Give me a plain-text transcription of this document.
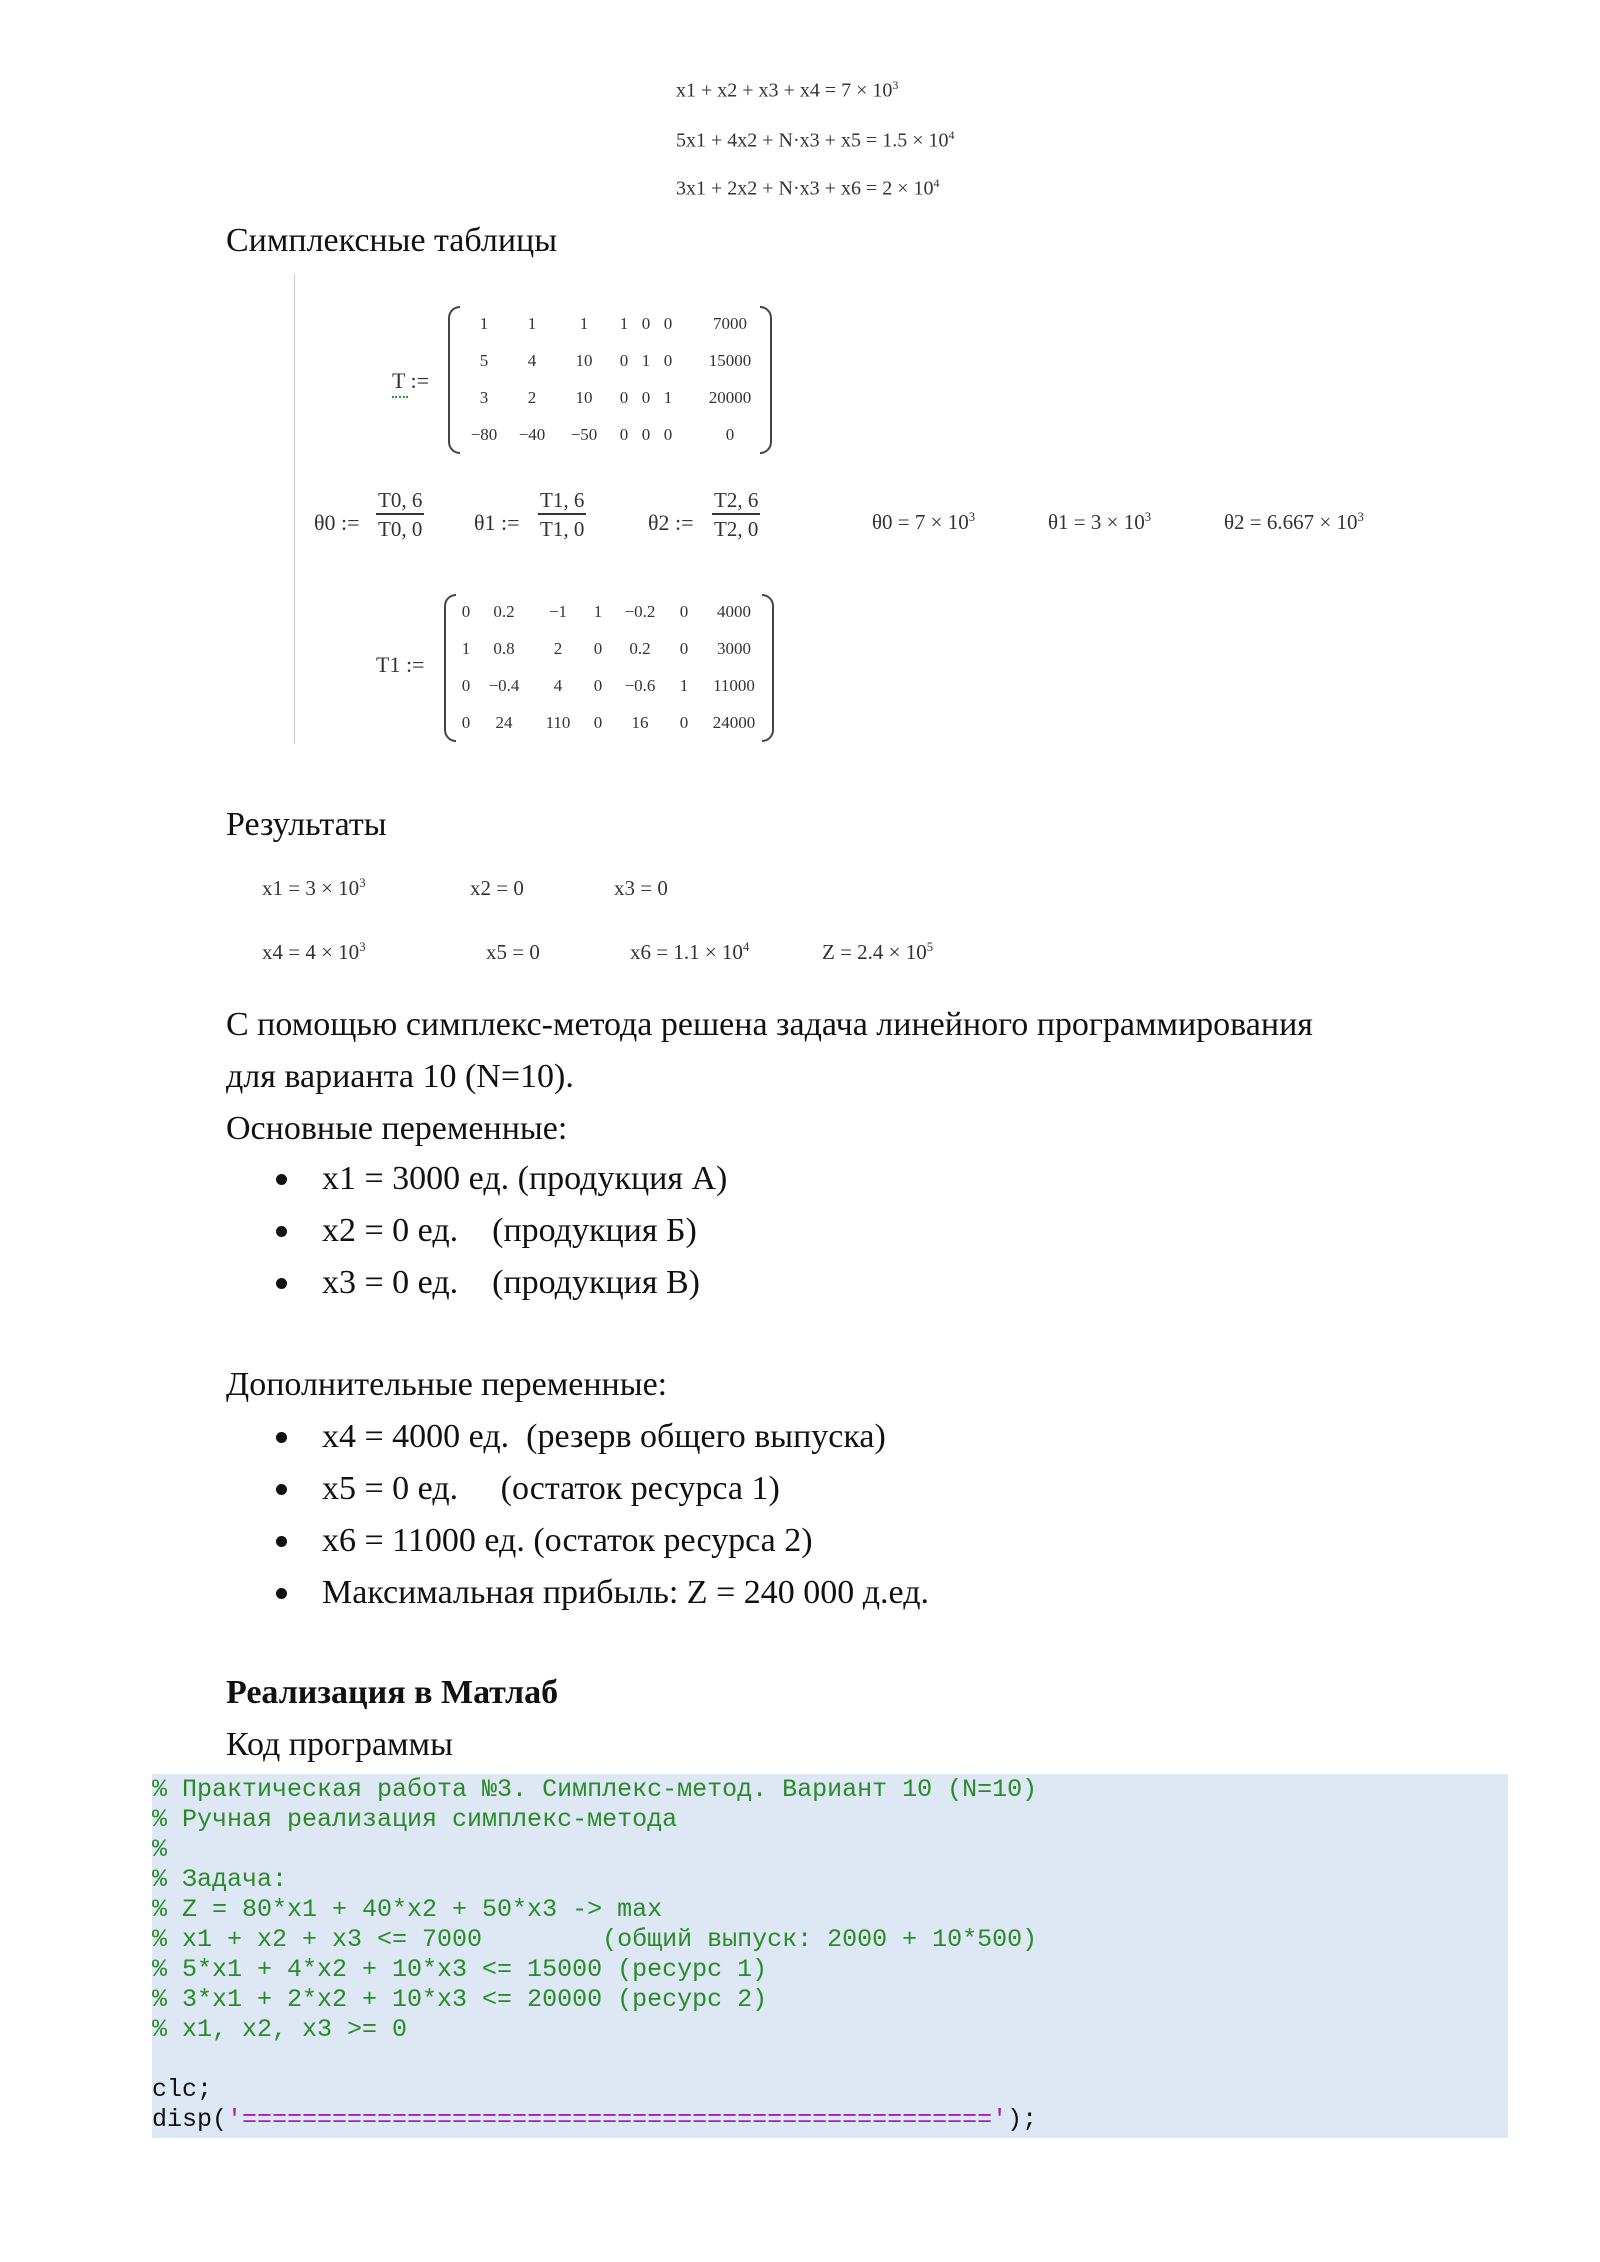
$x1 + x2 + x3 + x4 = 7 \times 10^3$
$5x1 + 4x2 + N\cdot x3 + x5 = 1.5 \times 10^4$
$3x1 + 2x2 + N\cdot x3 + x6 = 2 \times 10^4$
Симплексные таблицы
T :=
1 1	1 1 0 0 7000
5 4 10 0 1 0 15000
3 2 10 0 0 1 20000
−80 −40 −50 0 0 0	0
θ0 := $\frac{T0, 6}{T0, 0} \theta 1$ := $\frac{T1, 6}{T1, 0}$	θ2 := $\frac{T2, 6}{T2, 0}$	$\theta 0 = 7 \times 10^3$	$\theta 1 = 3 \times 10^3$	$\theta 2 = 6.667 \times 10^3$
T1 :=
0 0.2 −1 1 −0.2 0 4000
1 0.8 2 0 0.2 0 3000
0 −0.4 4 0 −0.6 1 11000
0 24 110 0 16 0 24000
Результаты
$x1 = 3 \times 10^3$	x2 = 0	x3 = 0
$x4 = 4 \times 10^3$	x5 = 0	$x6 = 1.1 \times 10^4$	$Z = 2.4 \times 10^5$
С помощью симплекс-метода решена задача линейного программирования
для варианта 10 (N=10).
Основные переменные:
x1 = 3000 ед. (продукция А)
x2 = 0 ед.    (продукция Б)
x3 = 0 ед.    (продукция В)
Дополнительные переменные:
x4 = 4000 ед.  (резерв общего выпуска)
x5 = 0 ед.     (остаток ресурса 1)
x6 = 11000 ед. (остаток ресурса 2)
Максимальная прибыль: Z = 240 000 д.ед.
Реализация в Матлаб
Код программы
% Практическая работа №3. Симплекс-метод. Вариант 10 (N=10)
% Ручная реализация симплекс-метода
%
% Задача:
% Z = 80*x1 + 40*x2 + 50*x3 -> max
% x1 + x2 + x3 <= 7000        (общий выпуск: 2000 + 10*500)
% 5*x1 + 4*x2 + 10*x3 <= 15000 (ресурс 1)
% 3*x1 + 2*x2 + 10*x3 <= 20000 (ресурс 2)
% x1, x2, x3 >= 0
clc;
disp('==================================================');
